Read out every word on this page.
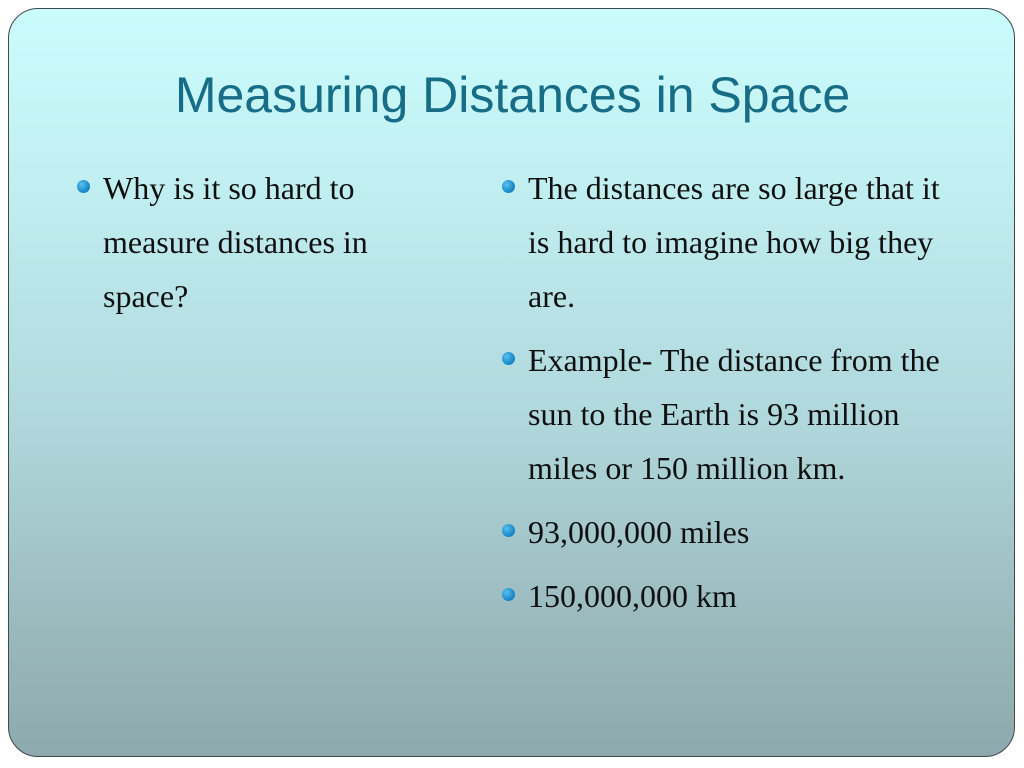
Measuring Distances in Space
Why is it so hard to measure distances in space?
The distances are so large that it is hard to imagine how big they are.
Example- The distance from the sun to the Earth is 93 million miles or 150 million km.
93,000,000 miles
150,000,000 km
